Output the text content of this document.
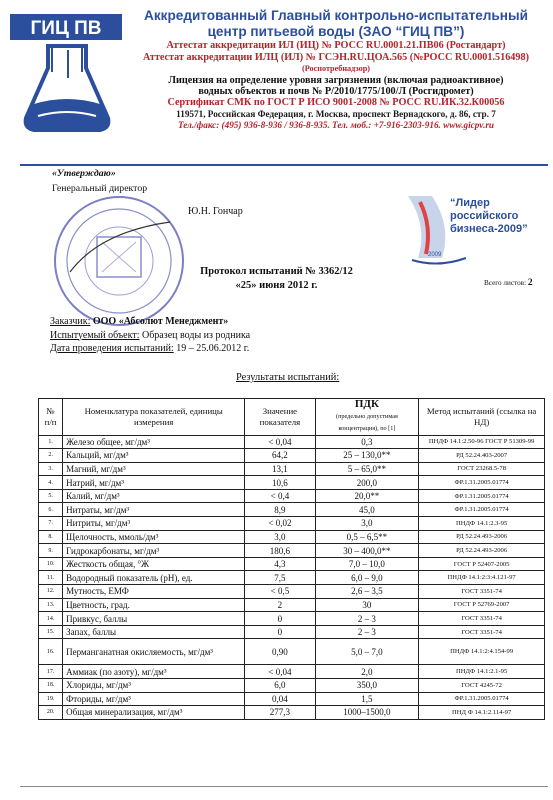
ГИЦ ПВ
Аккредитованный Главный контрольно-испытательный
центр питьевой воды (ЗАО “ГИЦ ПВ”)
Аттестат аккредитации ИЛ (ИЦ) № РОСС RU.0001.21.ПВ06 (Ростандарт)
Аттестат аккредитации ИЛЦ (ИЛ) № ГСЭН.RU.ЦОА.565 (№РОСС RU.0001.516498)
(Роспотребнадзор)
Лицензия на определение уровня загрязнения (включая радиоактивное)
водных объектов и почв № Р/2010/1775/100/Л (Росгидромет)
Сертификат СМК по ГОСТ Р ИСО 9001-2008 № РОСС RU.ИК.32.К00056
119571, Российская Федерация, г. Москва, проспект Вернадского, д. 86, стр. 7
Тел./факс: (495) 936-8-936 / 936-8-935. Тел. моб.: +7-916-2303-916. www.gicpv.ru
«Утверждаю»
Генеральный директор
Ю.Н. Гончар
“Лидер
российского
бизнеса-2009”
2009
Протокол испытаний № 3362/12
«25» июня 2012 г.	Всего листов: 2
Заказчик: ООО «Абсолют Менеджмент»
Испытуемый объект: Образец воды из родника
Дата проведения испытаний: 19 – 25.06.2012 г.
Результаты испытаний:
№ п/п	Номенклатура показателей, единицы измерения	Значение показателя	ПДК
(предельно допустимая концентрация), по [1]	Метод испытаний (ссылка на НД)
1.	Железо общее, мг/дм³	< 0,04	0,3	ПНДФ 14.1:2.50-96 ГОСТ Р 51309-99
2.	Кальций, мг/дм³	64,2	25 – 130,0**	РД 52.24.403-2007
3.	Магний, мг/дм³	13,1	5 – 65,0**	ГОСТ 23268.5-78
4.	Натрий, мг/дм³	10,6	200,0	ФР.1.31.2005.01774
5.	Калий, мг/дм³	< 0,4	20,0**	ФР.1.31.2005.01774
6.	Нитраты, мг/дм³	8,9	45,0	ФР.1.31.2005.01774
7.	Нитриты, мг/дм³	< 0,02	3,0	ПНДФ 14.1:2.3-95
8.	Щелочность, ммоль/дм³	3,0	0,5 – 6,5**	РД 52.24.493-2006
9.	Гидрокарбонаты, мг/дм³	180,6	30 – 400,0**	РД 52.24.493-2006
10.	Жесткость общая, °Ж	4,3	7,0 – 10,0	ГОСТ Р 52407-2005
11.	Водородный показатель (рН), ед.	7,5	6,0 – 9,0	ПНДФ 14.1:2:3:4.121-97
12.	Мутность, ЕМФ	< 0,5	2,6 – 3,5	ГОСТ 3351-74
13.	Цветность, град.	2	30	ГОСТ Р 52769-2007
14.	Привкус, баллы	0	2 – 3	ГОСТ 3351-74
15.	Запах, баллы	0	2 – 3	ГОСТ 3351-74
16.	Перманганатная окисляемость, мг/дм³	0,90	5,0 – 7,0	ПНДФ 14.1:2:4.154-99
17.	Аммиак (по азоту), мг/дм³	< 0,04	2,0	ПНДФ 14.1:2.1-95
18.	Хлориды, мг/дм³	6,0	350,0	ГОСТ 4245-72
19.	Фториды, мг/дм³	0,04	1,5	ФР.1.31.2005.01774
20.	Общая минерализация, мг/дм³	277,3	1000–1500,0	ПНД Ф 14.1:2.114-97
